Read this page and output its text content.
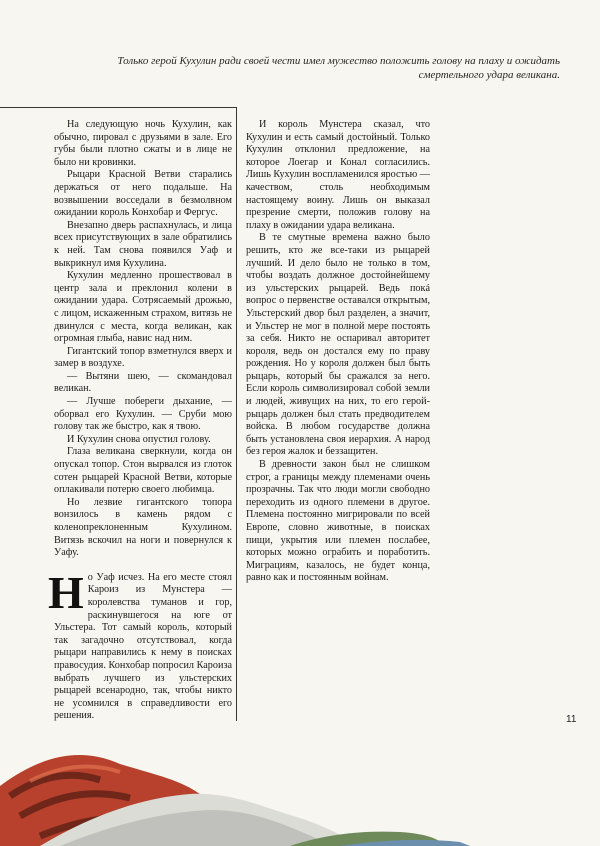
Только герой Кухулин ради своей чести имел мужество положить голову на плаху и ожидать смертельного удара великана.

На следующую ночь Кухулин, как обычно, пировал с друзьями в зале. Его губы были плотно сжаты и в лице не было ни кровинки.

Рыцари Красной Ветви старались держаться от него подальше. На возвышении восседали в безмолвном ожидании король Конхобар и Фергус.

Внезапно дверь распахнулась, и лица всех присутствующих в зале обратились к ней. Там снова появился Уаф и выкрикнул имя Кухулина.

Кухулин медленно прошествовал в центр зала и преклонил колени в ожидании удара. Сотрясаемый дрожью, с лицом, искаженным страхом, витязь не двинулся с места, когда великан, как огромная глыба, навис над ним.

Гигантский топор взметнулся вверх и замер в воздухе.

— Вытяни шею, — скомандовал великан.

— Лучше побереги дыхание, — оборвал его Кухулин. — Сруби мою голову так же быстро, как я твою.

И Кухулин снова опустил голову.

Глаза великана сверкнули, когда он опускал топор. Стон вырвался из глоток сотен рыцарей Красной Ветви, которые оплакивали потерю своего любимца.

Но лезвие гигантского топора вонзилось в камень рядом с коленопреклоненным Кухулином. Витязь вскочил на ноги и повернулся к Уафу.

Н о Уаф исчез. На его месте стоял Кароиз из Мунстера — королевства туманов и гор, раскинувшегося на юге от Ульстера. Тот самый король, который так загадочно отсутствовал, когда рыцари направились к нему в поисках правосудия. Конхобар попросил Кароиза выбрать лучшего из ульстерских рыцарей всенародно, так, чтобы никто не усомнился в справедливости его решения.

И король Мунстера сказал, что Кухулин и есть самый достойный. Только Кухулин отклонил предложение, на которое Лоегар и Конал согласились. Лишь Кухулин воспламенился яростью — качеством, столь необходимым настоящему воину. Лишь он выказал презрение смерти, положив голову на плаху в ожидании удара великана.

В те смутные времена важно было решить, кто же все-таки из рыцарей лучший. И дело было не только в том, чтобы воздать должное достойнейшему из ульстерских рыцарей. Ведь покá вопрос о первенстве оставался открытым, Ульстерский двор был разделен, а значит, и Ульстер не мог в полной мере постоять за себя. Никто не оспаривал авторитет короля, ведь он достался ему по праву рождения. Но у короля должен был быть рыцарь, который бы сражался за него. Если король символизировал собой земли и людей, живущих на них, то его герой-рыцарь должен был стать предводителем войска. В любом государстве должна быть установлена своя иерархия. А народ без героя жалок и беззащитен.

В древности закон был не слишком строг, а границы между племенами очень прозрачны. Так что люди могли свободно переходить из одного племени в другое. Племена постоянно мигрировали по всей Европе, словно животные, в поисках пищи, укрытия или племен послабее, которых можно ограбить и поработить. Миграциям, казалось, не будет конца, равно как и постоянным войнам.

11
